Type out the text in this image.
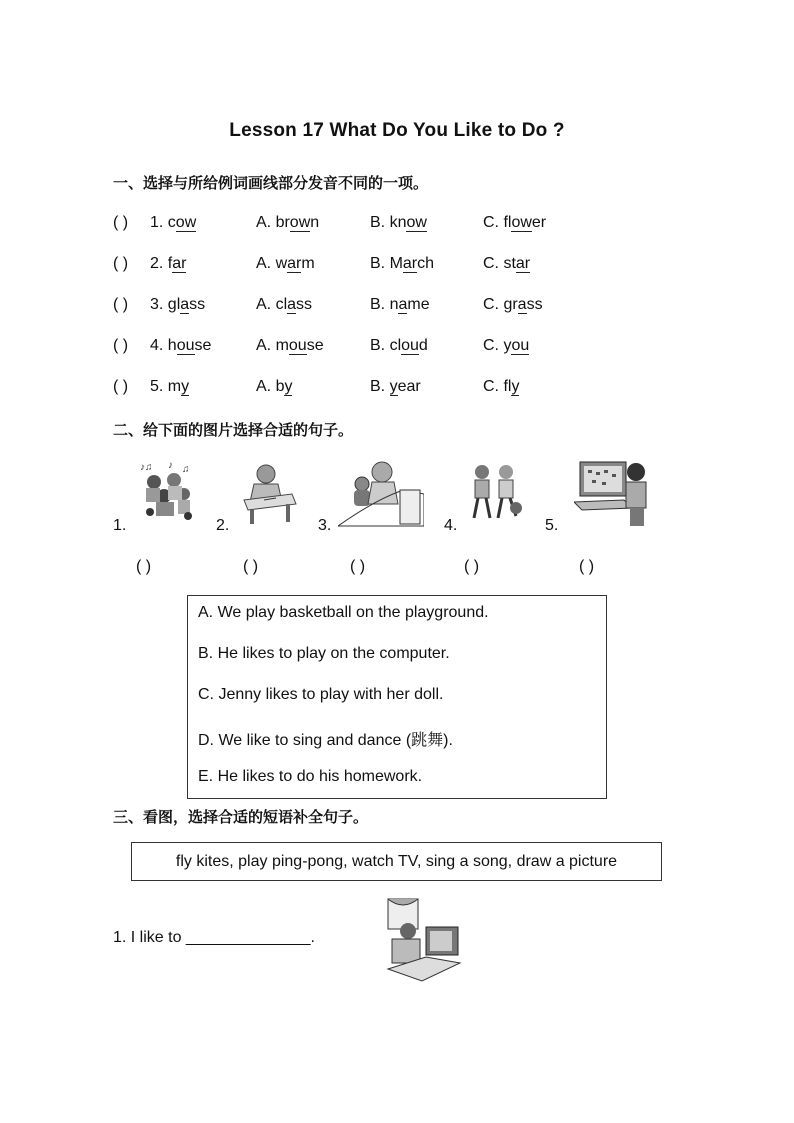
Lesson 17 What Do You Like to Do ?
一、选择与所给例词画线部分发音不同的一项。
( ) 1. cow	A. brown	B. know	C. flower
( ) 2. far	A. warm	B. March	C. star
( ) 3. glass	A. class	B. name	C. grass
( ) 4. house	A. mouse	B. cloud	C. you
( ) 5. my	A. by	B. year	C. fly
二、给下面的图片选择合适的句子。
1.
♪♫ ♪ ♫
2.	3.	4.	5.
( )	( )	( )	( )	( )
A. We play basketball on the playground.
B. He likes to play on the computer.
C. Jenny likes to play with her doll.
D. We like to sing and dance (跳舞).
E. He likes to do his homework.
三、看图，选择合适的短语补全句子。
fly kites, play ping-pong, watch TV, sing a song, draw a picture
1. I like to ______________.
